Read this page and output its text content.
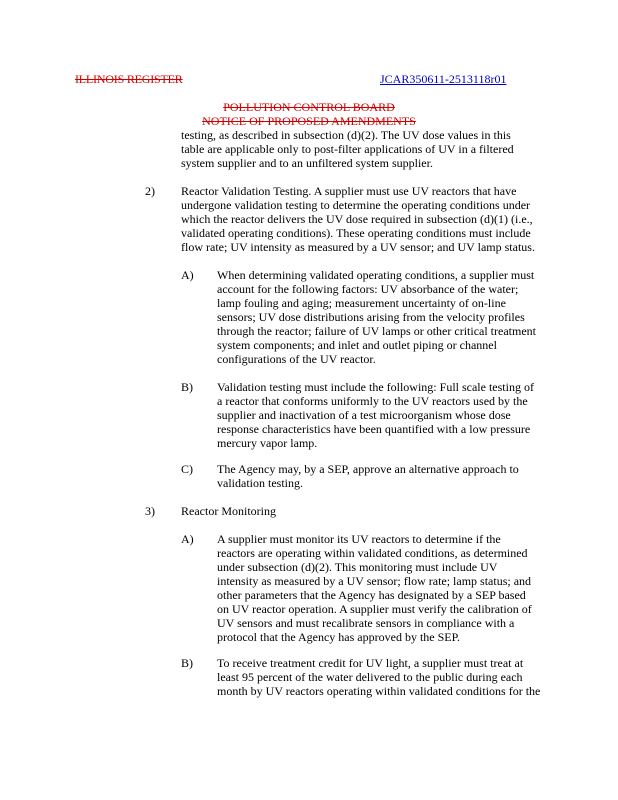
ILLINOIS REGISTER	JCAR350611-2513118r01
POLLUTION CONTROL BOARD
NOTICE OF PROPOSED AMENDMENTS
testing, as described in subsection (d)(2). The UV dose values in this
table are applicable only to post-filter applications of UV in a filtered
system supplier and to an unfiltered system supplier.
2) Reactor Validation Testing. A supplier must use UV reactors that have
undergone validation testing to determine the operating conditions under
which the reactor delivers the UV dose required in subsection (d)(1) (i.e.,
validated operating conditions). These operating conditions must include
flow rate; UV intensity as measured by a UV sensor; and UV lamp status.
A) When determining validated operating conditions, a supplier must
account for the following factors: UV absorbance of the water;
lamp fouling and aging; measurement uncertainty of on-line
sensors; UV dose distributions arising from the velocity profiles
through the reactor; failure of UV lamps or other critical treatment
system components; and inlet and outlet piping or channel
configurations of the UV reactor.
B) Validation testing must include the following: Full scale testing of
a reactor that conforms uniformly to the UV reactors used by the
supplier and inactivation of a test microorganism whose dose
response characteristics have been quantified with a low pressure
mercury vapor lamp.
C) The Agency may, by a SEP, approve an alternative approach to
validation testing.
3) Reactor Monitoring
A) A supplier must monitor its UV reactors to determine if the
reactors are operating within validated conditions, as determined
under subsection (d)(2). This monitoring must include UV
intensity as measured by a UV sensor; flow rate; lamp status; and
other parameters that the Agency has designated by a SEP based
on UV reactor operation. A supplier must verify the calibration of
UV sensors and must recalibrate sensors in compliance with a
protocol that the Agency has approved by the SEP.
B) To receive treatment credit for UV light, a supplier must treat at
least 95 percent of the water delivered to the public during each
month by UV reactors operating within validated conditions for the
